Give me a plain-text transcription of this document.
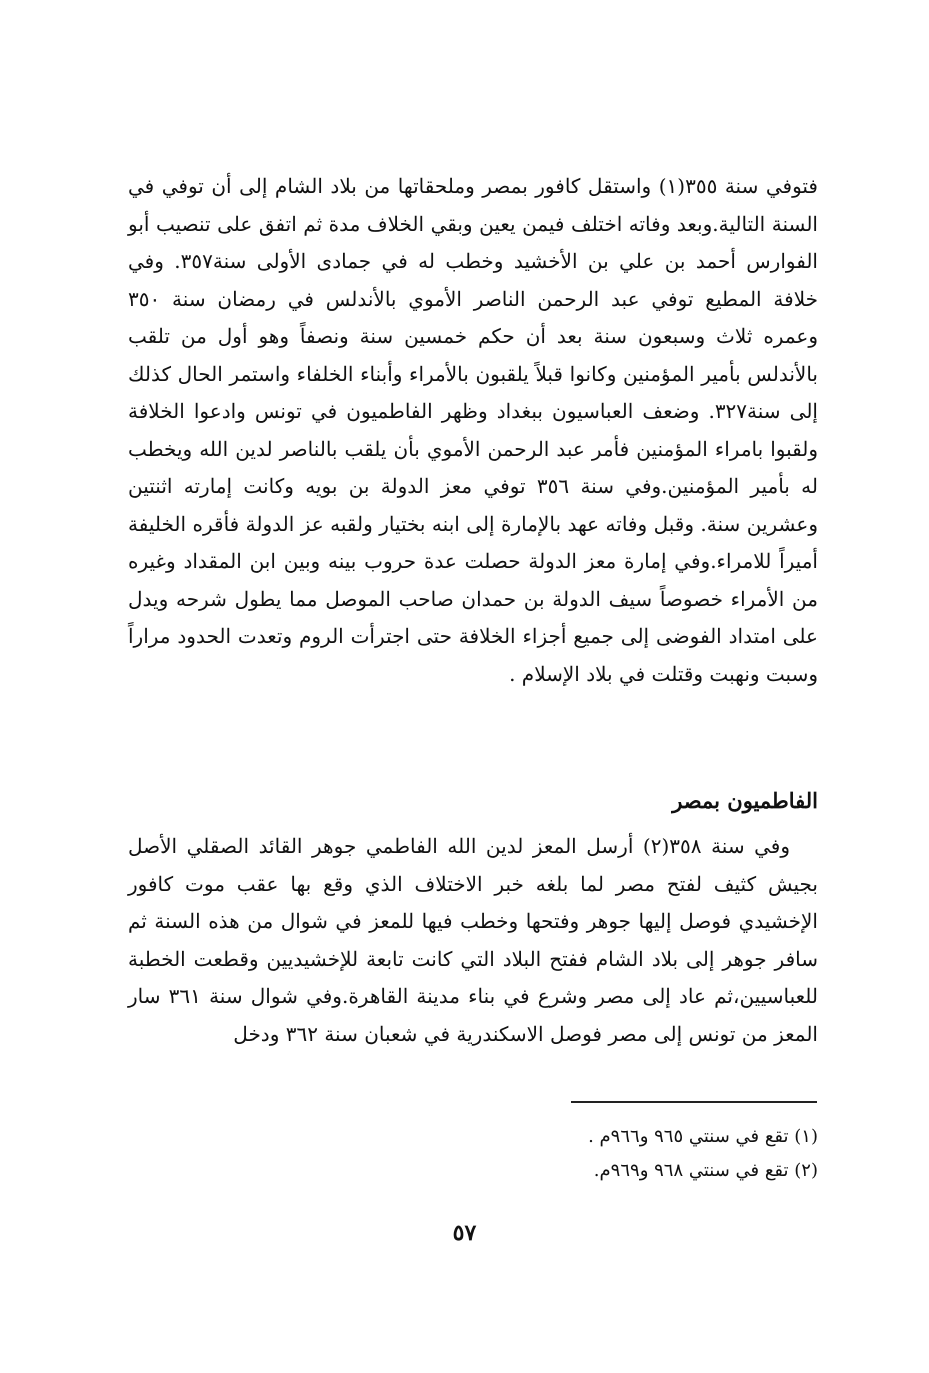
فتوفي سنة ٣٥٥(١) واستقل كافور بمصر وملحقاتها من بلاد الشام إلى أن توفي في السنة التالية.وبعد وفاته اختلف فيمن يعين وبقي الخلاف مدة ثم اتفق على تنصيب أبو الفوارس أحمد بن علي بن الأخشيد وخطب له في جمادى الأولى سنة٣٥٧. وفي خلافة المطيع توفي عبد الرحمن الناصر الأموي بالأندلس في رمضان سنة ٣٥٠ وعمره ثلاث وسبعون سنة بعد أن حكم خمسين سنة ونصفاً وهو أول من تلقب بالأندلس بأمير المؤمنين وكانوا قبلاً يلقبون بالأمراء وأبناء الخلفاء واستمر الحال كذلك إلى سنة٣٢٧. وضعف العباسيون ببغداد وظهر الفاطميون في تونس وادعوا الخلافة ولقبوا بامراء المؤمنين فأمر عبد الرحمن الأموي بأن يلقب بالناصر لدين الله ويخطب له بأمير المؤمنين.وفي سنة ٣٥٦ توفي معز الدولة بن بويه وكانت إمارته اثنتين وعشرين سنة. وقبل وفاته عهد بالإمارة إلى ابنه بختيار ولقبه عز الدولة فأقره الخليفة أميراً للامراء.وفي إمارة معز الدولة حصلت عدة حروب بينه وبين ابن المقداد وغيره من الأمراء خصوصاً سيف الدولة بن حمدان صاحب الموصل مما يطول شرحه ويدل على امتداد الفوضى إلى جميع أجزاء الخلافة حتى اجترأت الروم وتعدت الحدود مراراً وسبت ونهبت وقتلت في بلاد الإسلام .

الفاطميون بمصر

وفي سنة ٣٥٨(٢) أرسل المعز لدين الله الفاطمي جوهر القائد الصقلي الأصل بجيش كثيف لفتح مصر لما بلغه خبر الاختلاف الذي وقع بها عقب موت كافور الإخشيدي فوصل إليها جوهر وفتحها وخطب فيها للمعز في شوال من هذه السنة ثم سافر جوهر إلى بلاد الشام ففتح البلاد التي كانت تابعة للإخشيديين وقطعت الخطبة للعباسيين،ثم عاد إلى مصر وشرع في بناء مدينة القاهرة.وفي شوال سنة ٣٦١ سار المعز من تونس إلى مصر فوصل الاسكندرية في شعبان سنة ٣٦٢ ودخل

(١) تقع في سنتي ٩٦٥ و٩٦٦م .

(٢) تقع في سنتي ٩٦٨ و٩٦٩م.

٥٧
